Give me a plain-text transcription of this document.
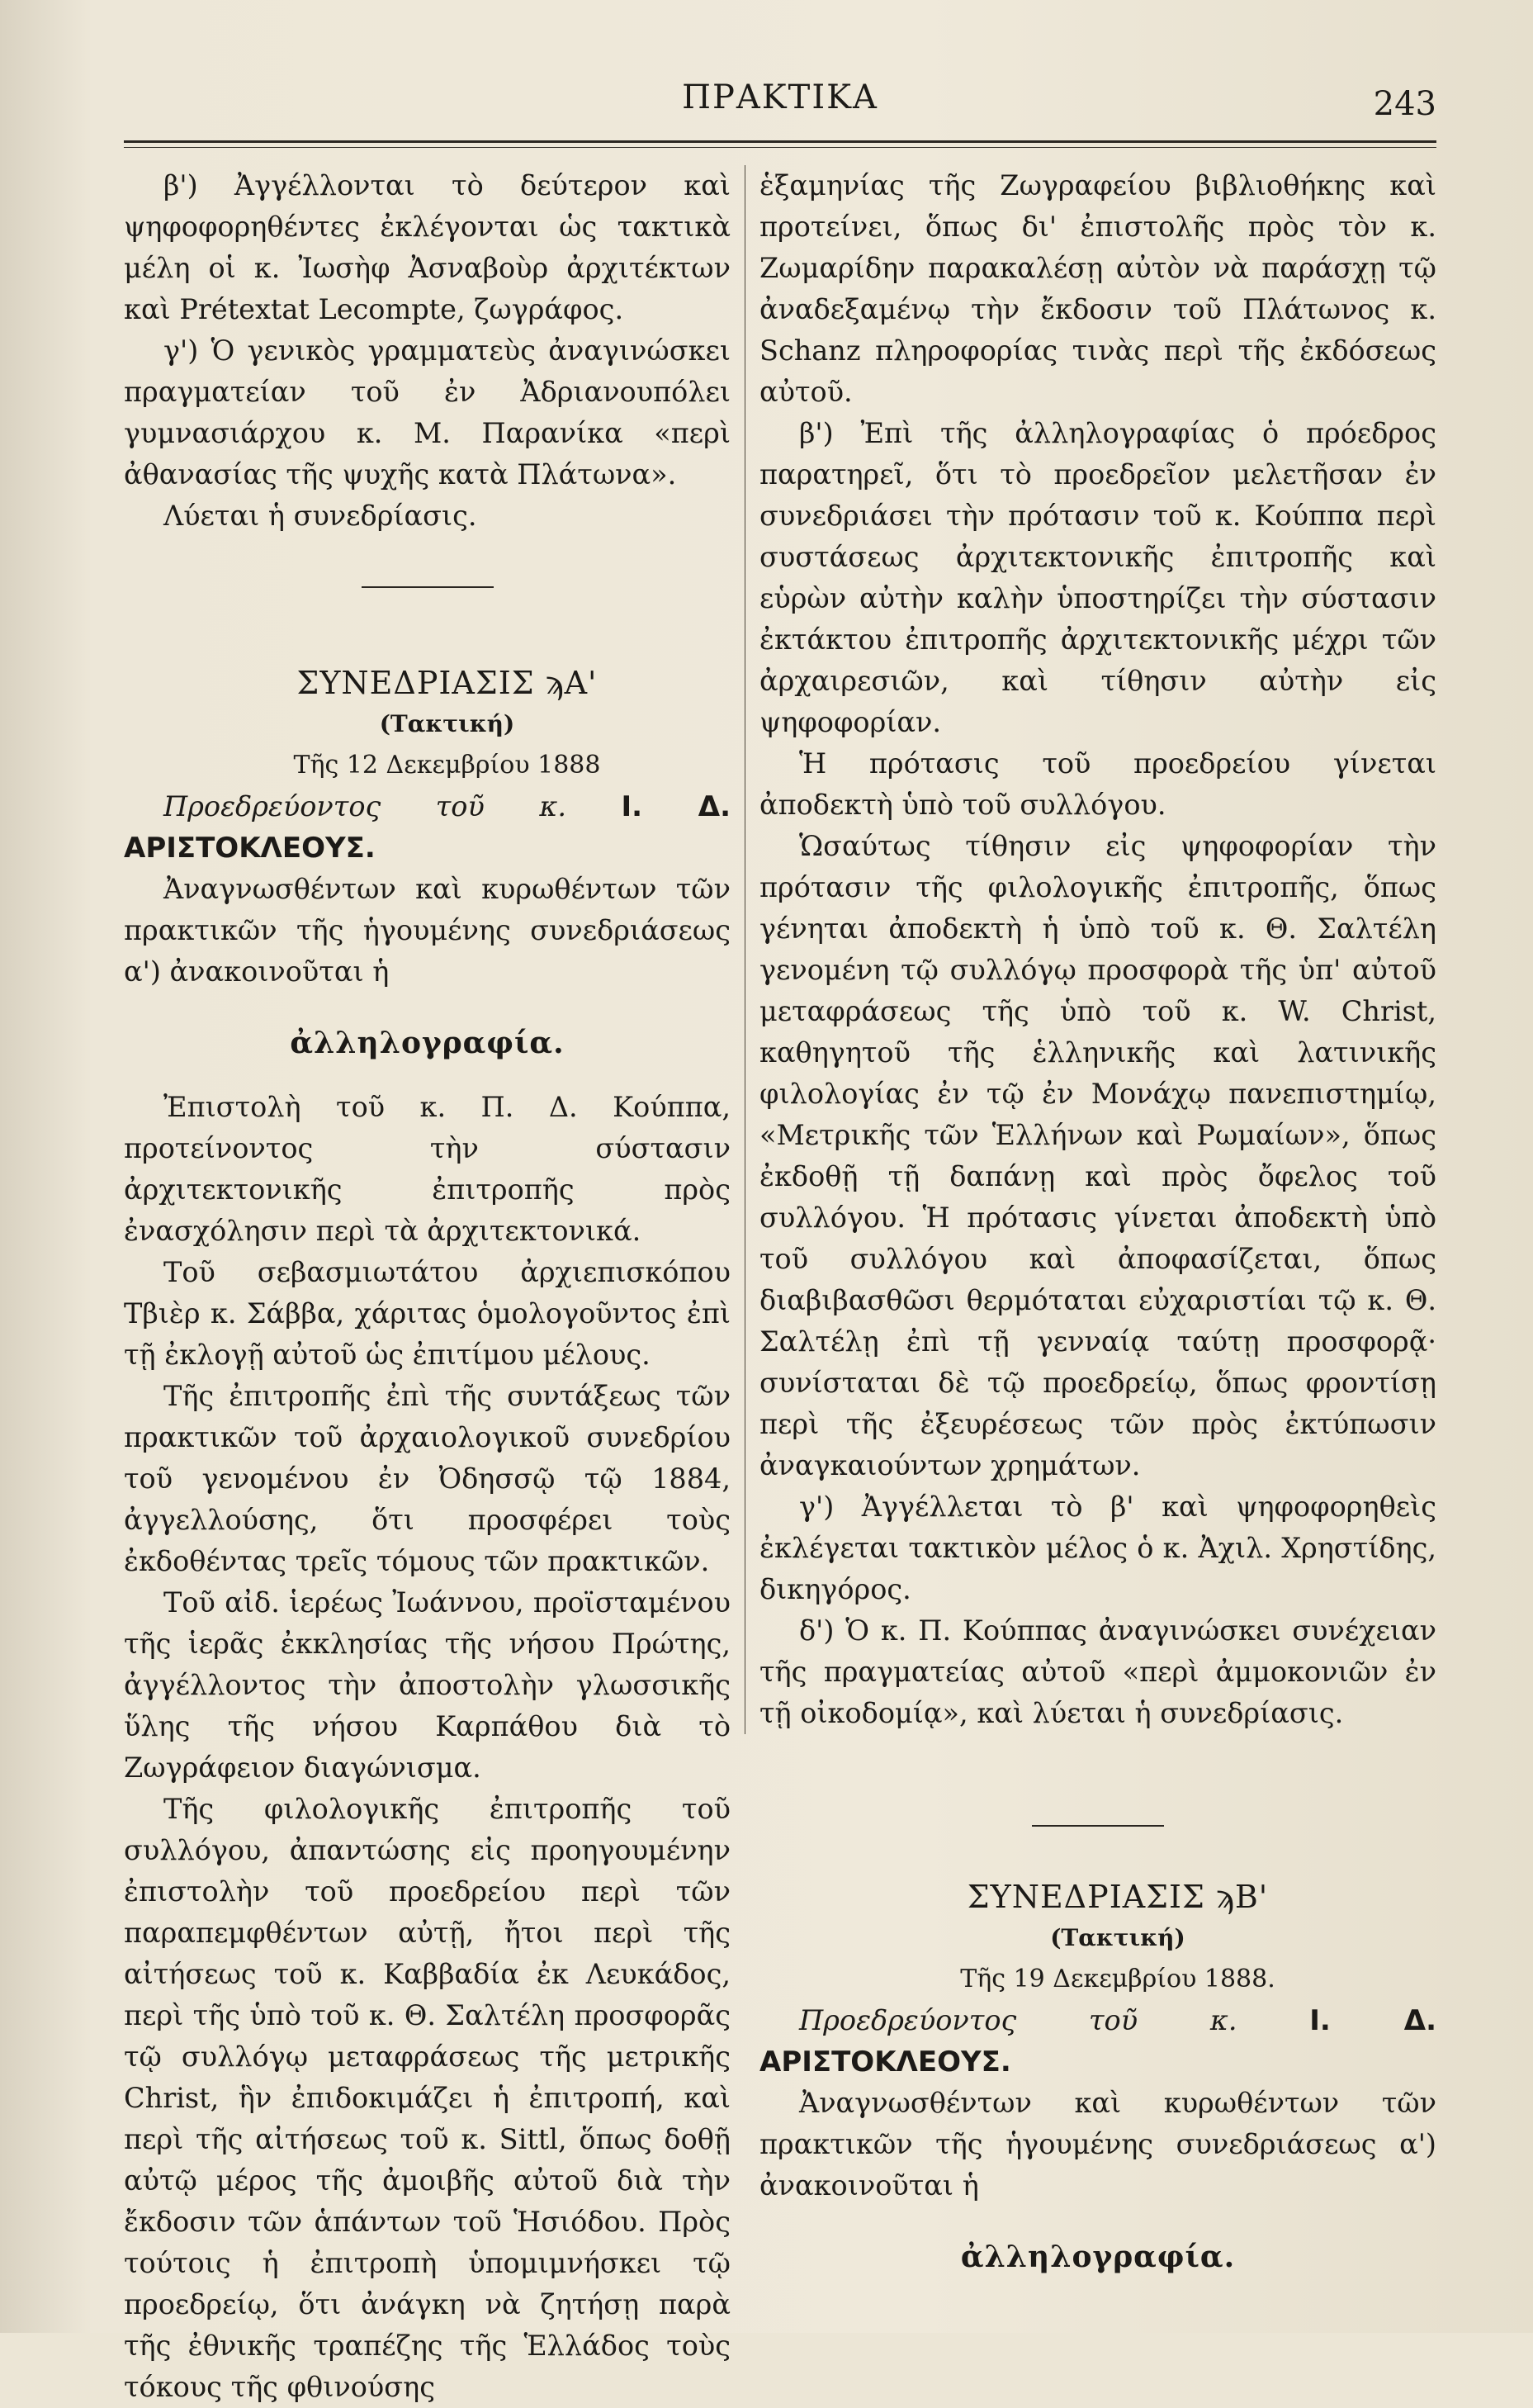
ΠΡΑΚΤΙΚΑ	243

β') Ἀγγέλλονται τὸ δεύτερον καὶ ψηφοφορηθέντες ἐκλέγονται ὡς τακτικὰ μέλη οἱ κ. Ἰωσὴφ Ἀσναβοὺρ ἀρχιτέκτων καὶ Prétextat Lecompte, ζωγράφος.

γ') Ὁ γενικὸς γραμματεὺς ἀναγινώσκει πραγματείαν τοῦ ἐν Ἀδριανουπόλει γυμνασιάρχου κ. Μ. Παρανίκα «περὶ ἀθανασίας τῆς ψυχῆς κατὰ Πλάτωνα».

Λύεται ἡ συνεδρίασις.

ΣΥΝΕΔΡΙΑΣΙΣ ϡΑ'

(Τακτική)

Τῆς 12 Δεκεμβρίου 1888

Προεδρεύοντος τοῦ κ. Ι. Δ. ΑΡΙΣΤΟΚΛΕΟΥΣ.

Ἀναγνωσθέντων καὶ κυρωθέντων τῶν πρακτικῶν τῆς ἡγουμένης συνεδριάσεως α') ἀνακοινοῦται ἡ

ἀλληλογραφία.

Ἐπιστολὴ τοῦ κ. Π. Δ. Κούππα, προτείνοντος τὴν σύστασιν ἀρχιτεκτονικῆς ἐπιτροπῆς πρὸς ἐνασχόλησιν περὶ τὰ ἀρχιτεκτονικά.

Τοῦ σεβασμιωτάτου ἀρχιεπισκόπου Τβιὲρ κ. Σάββα, χάριτας ὁμολογοῦντος ἐπὶ τῇ ἐκλογῇ αὐτοῦ ὡς ἐπιτίμου μέλους.

Τῆς ἐπιτροπῆς ἐπὶ τῆς συντάξεως τῶν πρακτικῶν τοῦ ἀρχαιολογικοῦ συνεδρίου τοῦ γενομένου ἐν Ὀδησσῷ τῷ 1884, ἀγγελλούσης, ὅτι προσφέρει τοὺς ἐκδοθέντας τρεῖς τόμους τῶν πρακτικῶν.

Τοῦ αἰδ. ἱερέως Ἰωάννου, προϊσταμένου τῆς ἱερᾶς ἐκκλησίας τῆς νήσου Πρώτης, ἀγγέλλοντος τὴν ἀποστολὴν γλωσσικῆς ὕλης τῆς νήσου Καρπάθου διὰ τὸ Ζωγράφειον διαγώνισμα.

Τῆς φιλολογικῆς ἐπιτροπῆς τοῦ συλλόγου, ἀπαντώσης εἰς προηγουμένην ἐπιστολὴν τοῦ προεδρείου περὶ τῶν παραπεμφθέντων αὐτῇ, ἤτοι περὶ τῆς αἰτήσεως τοῦ κ. Καββαδία ἐκ Λευκάδος, περὶ τῆς ὑπὸ τοῦ κ. Θ. Σαλτέλη προσφορᾶς τῷ συλλόγῳ μεταφράσεως τῆς μετρικῆς Christ, ἣν ἐπιδοκιμάζει ἡ ἐπιτροπή, καὶ περὶ τῆς αἰτήσεως τοῦ κ. Sittl, ὅπως δοθῇ αὐτῷ μέρος τῆς ἀμοιβῆς αὐτοῦ διὰ τὴν ἔκδοσιν τῶν ἁπάντων τοῦ Ἡσιόδου. Πρὸς τούτοις ἡ ἐπιτροπὴ ὑπομιμνήσκει τῷ προεδρείῳ, ὅτι ἀνάγκη νὰ ζητήσῃ παρὰ τῆς ἐθνικῆς τραπέζης τῆς Ἑλλάδος τοὺς τόκους τῆς φθινούσης

ἑξαμηνίας τῆς Ζωγραφείου βιβλιοθήκης καὶ προτείνει, ὅπως δι' ἐπιστολῆς πρὸς τὸν κ. Ζωμαρίδην παρακαλέσῃ αὐτὸν νὰ παράσχῃ τῷ ἀναδεξαμένῳ τὴν ἔκδοσιν τοῦ Πλάτωνος κ. Schanz πληροφορίας τινὰς περὶ τῆς ἐκδόσεως αὐτοῦ.

β') Ἐπὶ τῆς ἀλληλογραφίας ὁ πρόεδρος παρατηρεῖ, ὅτι τὸ προεδρεῖον μελετῆσαν ἐν συνεδριάσει τὴν πρότασιν τοῦ κ. Κούππα περὶ συστάσεως ἀρχιτεκτονικῆς ἐπιτροπῆς καὶ εὑρὼν αὐτὴν καλὴν ὑποστηρίζει τὴν σύστασιν ἐκτάκτου ἐπιτροπῆς ἀρχιτεκτονικῆς μέχρι τῶν ἀρχαιρεσιῶν, καὶ τίθησιν αὐτὴν εἰς ψηφοφορίαν.

Ἡ πρότασις τοῦ προεδρείου γίνεται ἀποδεκτὴ ὑπὸ τοῦ συλλόγου.

Ὡσαύτως τίθησιν εἰς ψηφοφορίαν τὴν πρότασιν τῆς φιλολογικῆς ἐπιτροπῆς, ὅπως γένηται ἀποδεκτὴ ἡ ὑπὸ τοῦ κ. Θ. Σαλτέλη γενομένη τῷ συλλόγῳ προσφορὰ τῆς ὑπ' αὐτοῦ μεταφράσεως τῆς ὑπὸ τοῦ κ. W. Christ, καθηγητοῦ τῆς ἑλληνικῆς καὶ λατινικῆς φιλολογίας ἐν τῷ ἐν Μονάχῳ πανεπιστημίῳ, «Μετρικῆς τῶν Ἑλλήνων καὶ Ρωμαίων», ὅπως ἐκδοθῇ τῇ δαπάνῃ καὶ πρὸς ὄφελος τοῦ συλλόγου. Ἡ πρότασις γίνεται ἀποδεκτὴ ὑπὸ τοῦ συλλόγου καὶ ἀποφασίζεται, ὅπως διαβιβασθῶσι θερμόταται εὐχαριστίαι τῷ κ. Θ. Σαλτέλῃ ἐπὶ τῇ γενναίᾳ ταύτῃ προσφορᾷ· συνίσταται δὲ τῷ προεδρείῳ, ὅπως φροντίσῃ περὶ τῆς ἐξευρέσεως τῶν πρὸς ἐκτύπωσιν ἀναγκαιούντων χρημάτων.

γ') Ἀγγέλλεται τὸ β' καὶ ψηφοφορηθεὶς ἐκλέγεται τακτικὸν μέλος ὁ κ. Ἀχιλ. Χρηστίδης, δικηγόρος.

δ') Ὁ κ. Π. Κούππας ἀναγινώσκει συνέχειαν τῆς πραγματείας αὐτοῦ «περὶ ἀμμοκονιῶν ἐν τῇ οἰκοδομίᾳ», καὶ λύεται ἡ συνεδρίασις.

ΣΥΝΕΔΡΙΑΣΙΣ ϡΒ'

(Τακτική)

Τῆς 19 Δεκεμβρίου 1888.

Προεδρεύοντος τοῦ κ.	Ι. Δ. ΑΡΙΣΤΟΚΛΕΟΥΣ.

Ἀναγνωσθέντων καὶ κυρωθέντων τῶν πρακτικῶν τῆς ἡγουμένης συνεδριάσεως α') ἀνακοινοῦται ἡ

ἀλληλογραφία.
